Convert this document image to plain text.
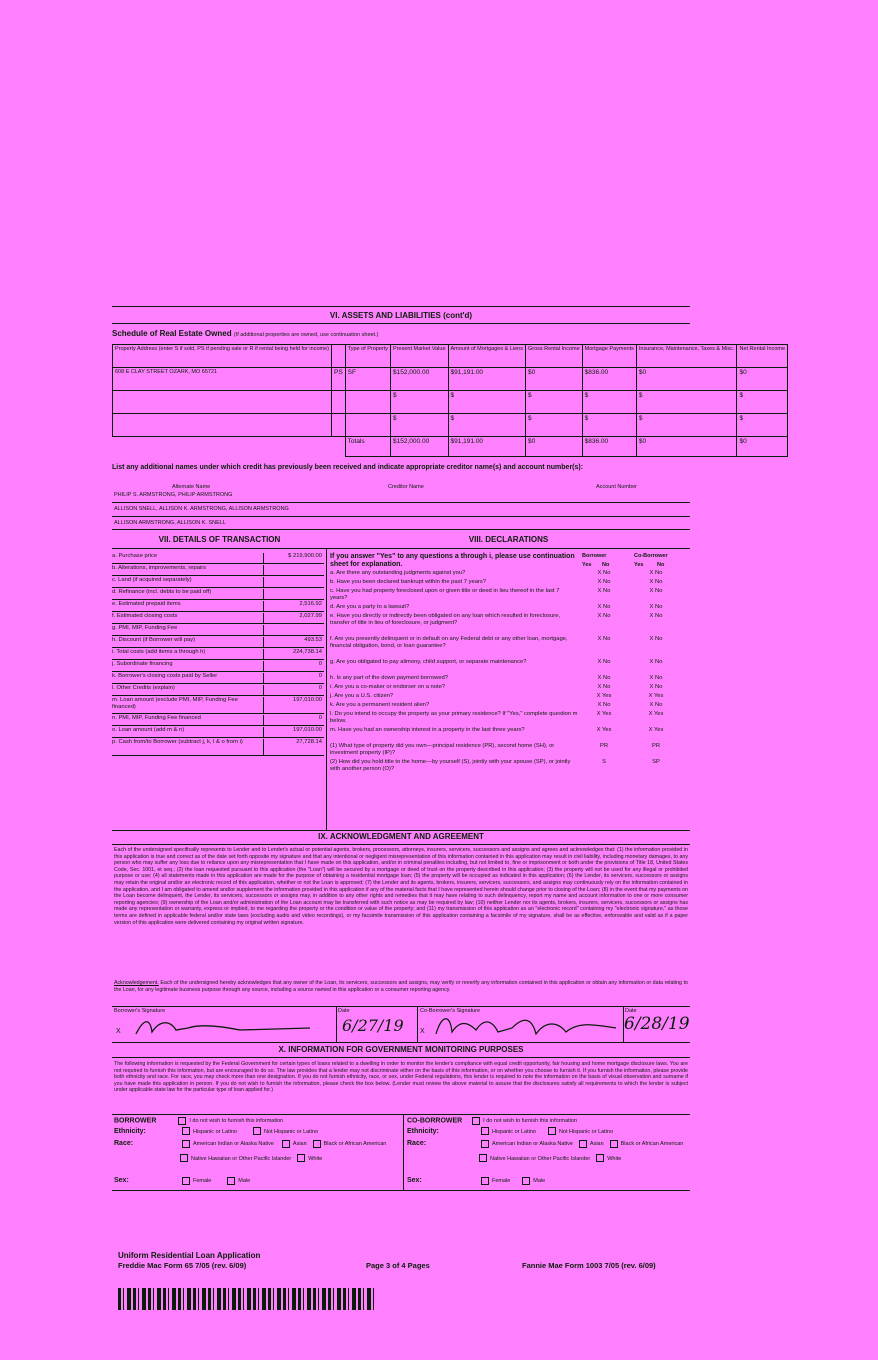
VI. ASSETS AND LIABILITIES (cont'd)
Schedule of Real Estate Owned (If additional properties are owned, use continuation sheet.)
Property Address (enter S if sold, PS if pending sale or R if rental being held for income)		Type of Property	Present Market Value	Amount of Mortgages & Liens	Gross Rental Income	Mortgage Payments	Insurance, Maintenance, Taxes & Misc.	Net Rental Income
608 E CLAY STREET OZARK, MO 65721	PS	SF	$152,000.00	$91,191.00	$0	$836.00	$0	$0
			$	$	$	$	$	$
			$	$	$	$	$	$
		Totals	$152,000.00	$91,191.00	$0	$836.00	$0	$0
List any additional names under which credit has previously been received and indicate appropriate creditor name(s) and account number(s):
Alternate Name	Creditor Name	Account Number
PHILIP S. ARMSTRONG, PHILIP ARMSTRONG
ALLISON SNELL, ALLISON K. ARMSTRONG, ALLISON ARMSTRONG
ALLISON ARMSTRONG, ALLISON K. SNELL
VII. DETAILS OF TRANSACTION	VIII. DECLARATIONS
a. Purchase price	$ 219,900.00
b. Alterations, improvements, repairs
c. Land (if acquired separately)
d. Refinance (incl. debts to be paid off)
e. Estimated prepaid items	2,516.92
f. Estimated closing costs	2,027.99
g. PMI, MIP, Funding Fee
h. Discount (if Borrower will pay)	493.53
i. Total costs (add items a through h)	224,738.14
j. Subordinate financing	0
k. Borrower's closing costs paid by Seller	0
l. Other Credits (explain)	0
m. Loan amount (exclude PMI, MIP, Funding Fee financed)
197,010.00
n. PMI, MIP, Funding Fee financed	0
o. Loan amount (add m & n)	197,010.00
p. Cash from/to Borrower (subtract j, k, l & o from i)	27,728.14
If you answer "Yes" to any questions a through i, please use continuation sheet for explanation.
Borrower	Co-Borrower
Yes No	Yes No
a. Are there any outstanding judgments against you?	X No	X No
b. Have you been declared bankrupt within the past 7 years?	X No	X No
c. Have you had property foreclosed upon or given title or deed in lieu thereof in the last 7 years?
X No	X No
d. Are you a party to a lawsuit?	X No	X No
e. Have you directly or indirectly been obligated on any loan which resulted in foreclosure, transfer of title in lieu of foreclosure, or judgment?
X No	X No
f. Are you presently delinquent or in default on any Federal debt or any other loan, mortgage, financial obligation, bond, or loan guarantee?
X No	X No
g. Are you obligated to pay alimony, child support, or separate maintenance?	X No	X No
h. Is any part of the down payment borrowed?	X No	X No
i. Are you a co-maker or endorser on a note?	X No	X No
j. Are you a U.S. citizen?	X Yes	X Yes
k. Are you a permanent resident alien?	X No	X No
l. Do you intend to occupy the property as your primary residence? If "Yes," complete question m below.
X Yes	X Yes
m. Have you had an ownership interest in a property in the last three years?	X Yes	X Yes
(1) What type of property did you own—principal residence (PR), second home (SH), or investment property (IP)?
PR	PR
(2) How did you hold title to the home—by yourself (S), jointly with your spouse (SP), or jointly with another person (O)?
S	SP
IX. ACKNOWLEDGMENT AND AGREEMENT
Each of the undersigned specifically represents to Lender and to Lender's actual or potential agents, brokers, processors, attorneys, insurers, servicers, successors and assigns and agrees and acknowledges that: (1) the information provided in this application is true and correct as of the date set forth opposite my signature and that any intentional or negligent misrepresentation of this information contained in this application may result in civil liability, including monetary damages, to any person who may suffer any loss due to reliance upon any misrepresentation that I have made on this application, and/or in criminal penalties including, but not limited to, fine or imprisonment or both under the provisions of Title 18, United States Code, Sec. 1001, et seq.; (2) the loan requested pursuant to this application (the "Loan") will be secured by a mortgage or deed of trust on the property described in this application; (3) the property will not be used for any illegal or prohibited purpose or use; (4) all statements made in this application are made for the purpose of obtaining a residential mortgage loan; (5) the property will be occupied as indicated in this application; (6) the Lender, its servicers, successors or assigns may retain the original and/or an electronic record of this application, whether or not the Loan is approved; (7) the Lender and its agents, brokers, insurers, servicers, successors, and assigns may continuously rely on the information contained in the application, and I am obligated to amend and/or supplement the information provided in this application if any of the material facts that I have represented herein should change prior to closing of the Loan; (8) in the event that my payments on the Loan become delinquent, the Lender, its servicers, successors or assigns may, in addition to any other rights and remedies that it may have relating to such delinquency, report my name and account information to one or more consumer reporting agencies; (9) ownership of the Loan and/or administration of the Loan account may be transferred with such notice as may be required by law; (10) neither Lender nor its agents, brokers, insurers, servicers, successors or assigns has made any representation or warranty, express or implied, to me regarding the property or the condition or value of the property; and (11) my transmission of this application as an "electronic record" containing my "electronic signature," as those terms are defined in applicable federal and/or state laws (excluding audio and video recordings), or my facsimile transmission of this application containing a facsimile of my signature, shall be as effective, enforceable and valid as if a paper version of this application were delivered containing my original written signature.
Acknowledgement. Each of the undersigned hereby acknowledges that any owner of the Loan, its servicers, successors and assigns, may verify or reverify any information contained in this application or obtain any information or data relating to the Loan, for any legitimate business purpose through any source, including a source named in this application or a consumer reporting agency.
Borrower's Signature	Date	Co-Borrower's Signature	Date
X	6/27/19 X	6/28/19
X. INFORMATION FOR GOVERNMENT MONITORING PURPOSES
The following information is requested by the Federal Government for certain types of loans related to a dwelling in order to monitor the lender's compliance with equal credit opportunity, fair housing and home mortgage disclosure laws. You are not required to furnish this information, but are encouraged to do so. The law provides that a lender may not discriminate either on the basis of this information, or on whether you choose to furnish it. If you furnish the information, please provide both ethnicity and race. For race, you may check more than one designation. If you do not furnish ethnicity, race, or sex, under Federal regulations, this lender is required to note the information on the basis of visual observation and surname if you have made this application in person. If you do not wish to furnish the information, please check the box below. (Lender must review the above material to assure that the disclosures satisfy all requirements to which the lender is subject under applicable state law for the particular type of loan applied for.)
BORROWER	I do not wish to furnish this information
Ethnicity:	Hispanic or Latino	Not Hispanic or Latino
Race:	American Indian or Alaska Native	Asian	Black or African American
Native Hawaiian or Other Pacific Islander	White
Sex:	Female	Male
CO-BORROWER	I do not wish to furnish this information
Ethnicity:	Hispanic or Latino	Not Hispanic or Latino
Race:	American Indian or Alaska Native	Asian	Black or African American
Native Hawaiian or Other Pacific Islander	White
Sex:	Female	Male
Uniform Residential Loan Application
Freddie Mac Form 65 7/05 (rev. 6/09)	Page 3 of 4 Pages	Fannie Mae Form 1003 7/05 (rev. 6/09)
